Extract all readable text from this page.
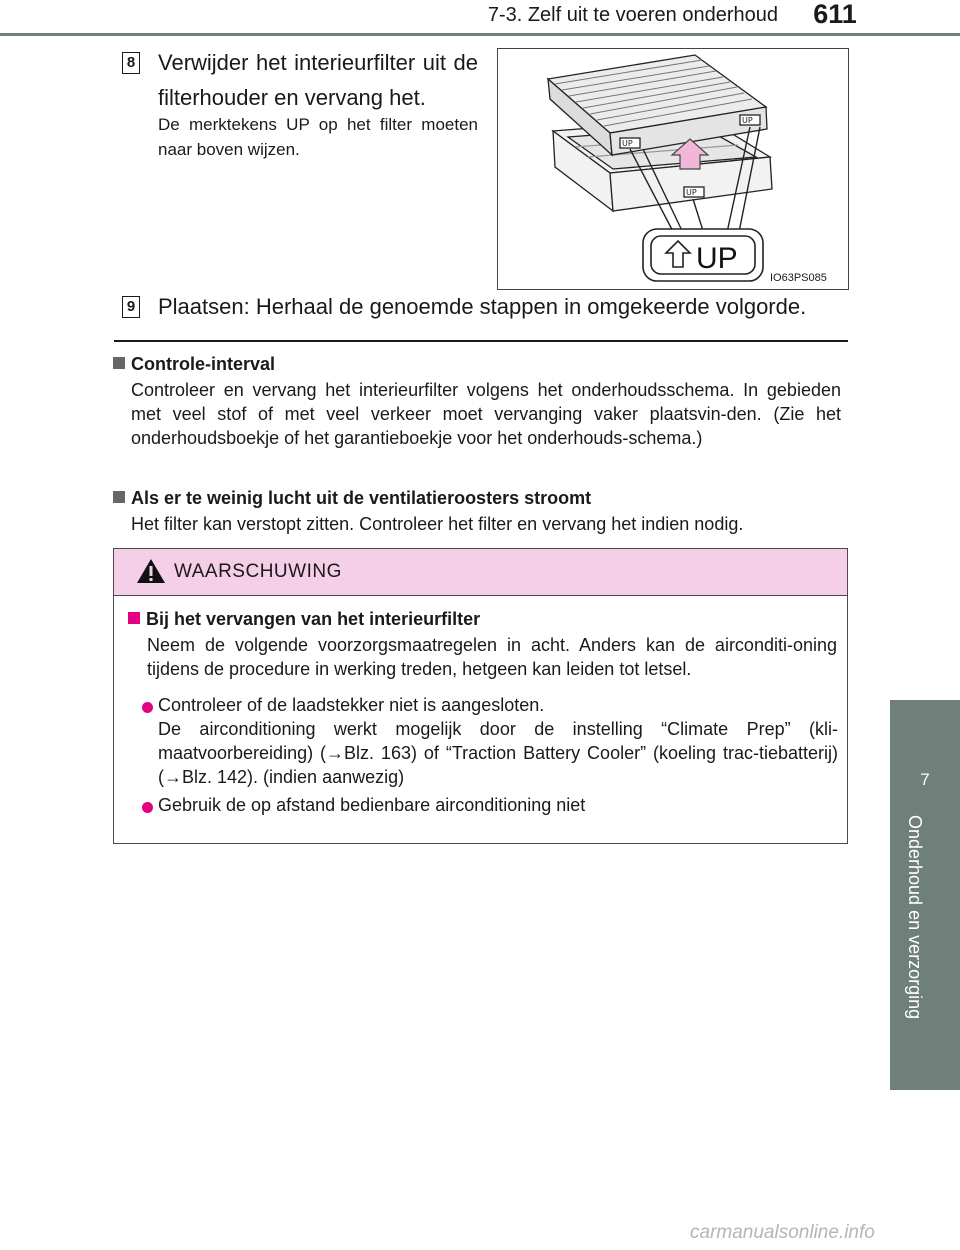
7-3. Zelf uit te voeren onderhoud	611
7
Onderhoud en verzorging
8 Verwijder het interieurfilter uit de filterhouder en vervang het.
De merktekens UP op het filter moeten naar boven wijzen.	UP
UP
UP
UP
IO63PS085
9 Plaatsen: Herhaal de genoemde stappen in omgekeerde volgorde.
Controle-interval
Controleer en vervang het interieurfilter volgens het onderhoudsschema. In gebieden met veel stof of met veel verkeer moet vervanging vaker plaatsvin-den. (Zie het onderhoudsboekje of het garantieboekje voor het onderhouds-schema.)
Als er te weinig lucht uit de ventilatieroosters stroomt
Het filter kan verstopt zitten. Controleer het filter en vervang het indien nodig.
WAARSCHUWING
Bij het vervangen van het interieurfilter
Neem de volgende voorzorgsmaatregelen in acht. Anders kan de airconditi-oning tijdens de procedure in werking treden, hetgeen kan leiden tot letsel.
Controleer of de laadstekker niet is aangesloten.
De airconditioning werkt mogelijk door de instelling “Climate Prep” (kli-maatvoorbereiding) (→Blz. 163) of “Traction Battery Cooler” (koeling trac-tiebatterij) (→Blz. 142). (indien aanwezig)
Gebruik de op afstand bedienbare airconditioning niet
carmanualsonline.info
